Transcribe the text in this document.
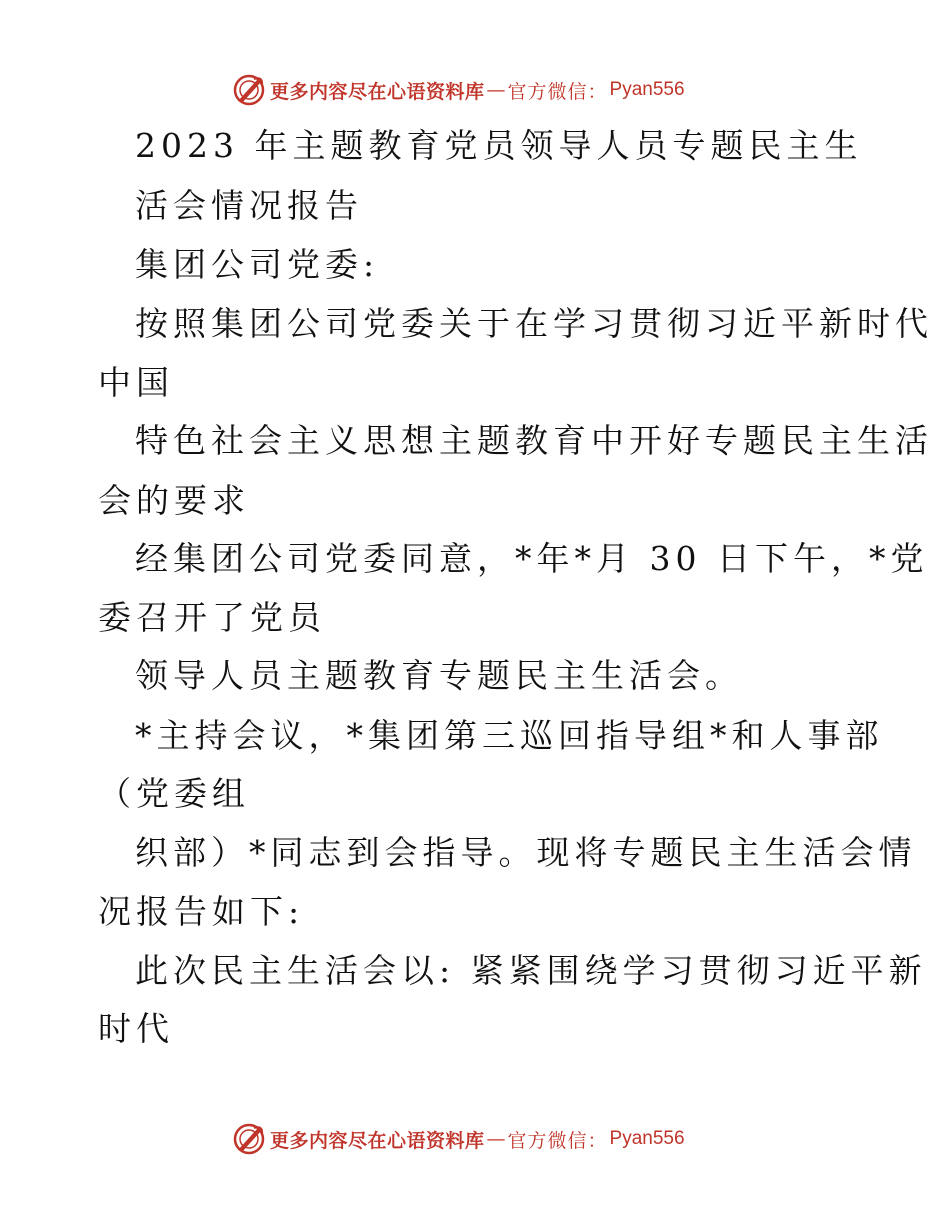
更多内容尽在心语资料库 — 官方微信： Pyan556
2023 年主题教育党员领导人员专题民主生
活会情况报告
集团公司党委:
按照集团公司党委关于在学习贯彻习近平新时代
中国
特色社会主义思想主题教育中开好专题民主生活
会的要求
经集团公司党委同意，*年*月 30 日下午，*党
委召开了党员
领导人员主题教育专题民主生活会。
*主持会议，*集团第三巡回指导组*和人事部
（党委组
织部）*同志到会指导。现将专题民主生活会情
况报告如下:
此次民主生活会以: 紧紧围绕学习贯彻习近平新
时代
更多内容尽在心语资料库 — 官方微信： Pyan556
